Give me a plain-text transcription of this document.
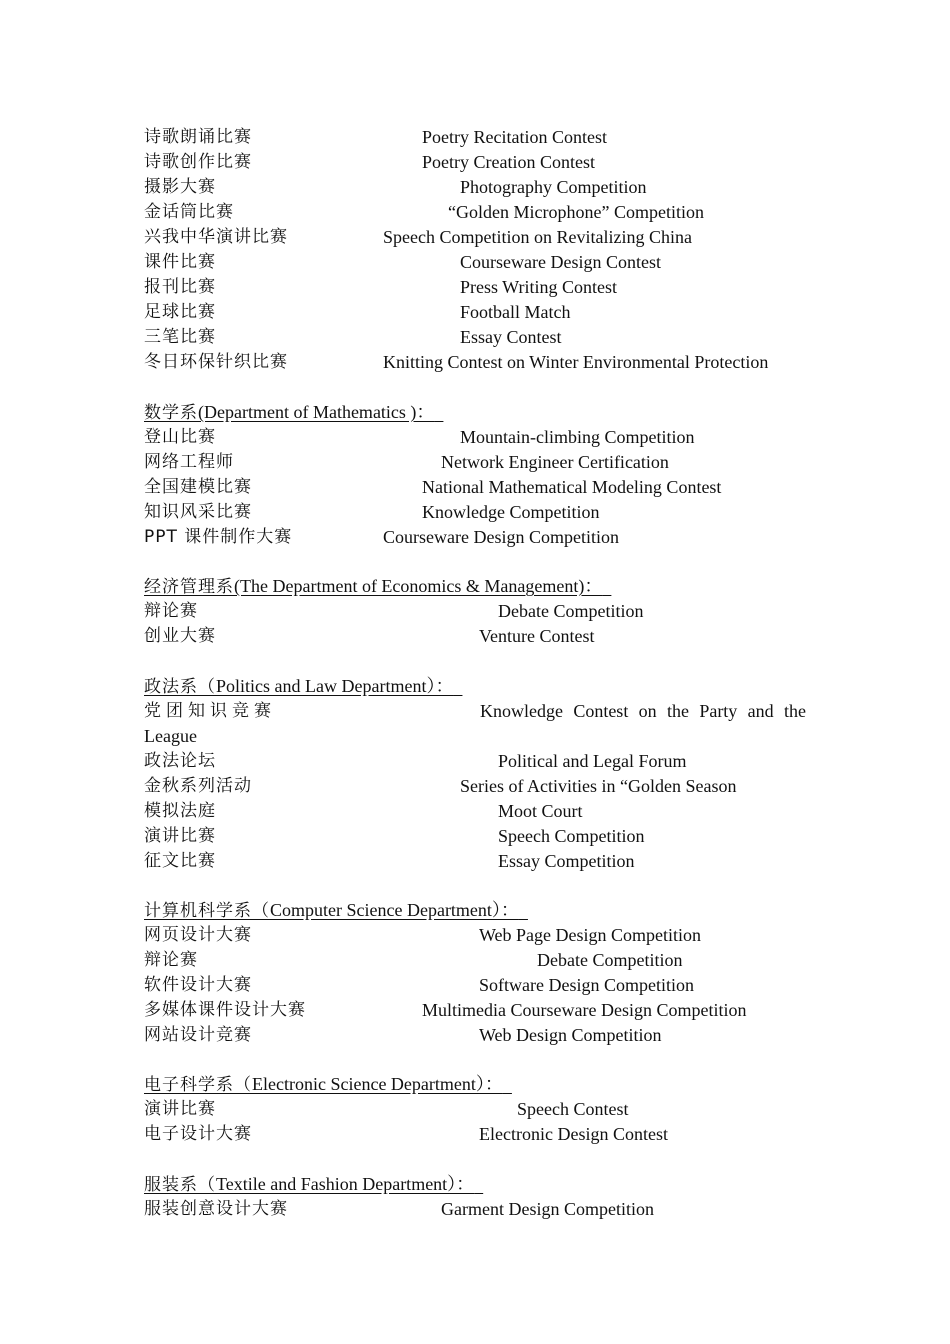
诗歌朗诵比赛	Poetry Recitation Contest
诗歌创作比赛	Poetry Creation Contest
摄影大赛	Photography Competition
金话筒比赛	“Golden Microphone” Competition
兴我中华演讲比赛	Speech Competition on Revitalizing China
课件比赛	Courseware Design Contest
报刊比赛	Press Writing Contest
足球比赛	Football Match
三笔比赛	Essay Contest
冬日环保针织比赛	Knitting Contest on Winter Environmental Protection
数学系(Department of Mathematics )：
登山比赛	Mountain-climbing Competition
网络工程师	Network Engineer Certification
全国建模比赛	National Mathematical Modeling Contest
知识风采比赛	Knowledge Competition
PPT 课件制作大赛	Courseware Design Competition
经济管理系(The Department of Economics & Management)：
辩论赛	Debate Competition
创业大赛	Venture Contest
政法系（Politics and Law Department）：
党团知识竞赛	Knowledge Contest on the Party and the
League
政法论坛	Political and Legal Forum
金秋系列活动	Series of Activities in “Golden Season
模拟法庭	Moot Court
演讲比赛	Speech Competition
征文比赛	Essay Competition
计算机科学系（Computer Science Department）：
网页设计大赛	Web Page Design Competition
辩论赛	Debate Competition
软件设计大赛	Software Design Competition
多媒体课件设计大赛	Multimedia Courseware Design Competition
网站设计竞赛	Web Design Competition
电子科学系（Electronic Science Department）：
演讲比赛	Speech Contest
电子设计大赛	Electronic Design Contest
服装系（Textile and Fashion Department）：
服装创意设计大赛	Garment Design Competition
